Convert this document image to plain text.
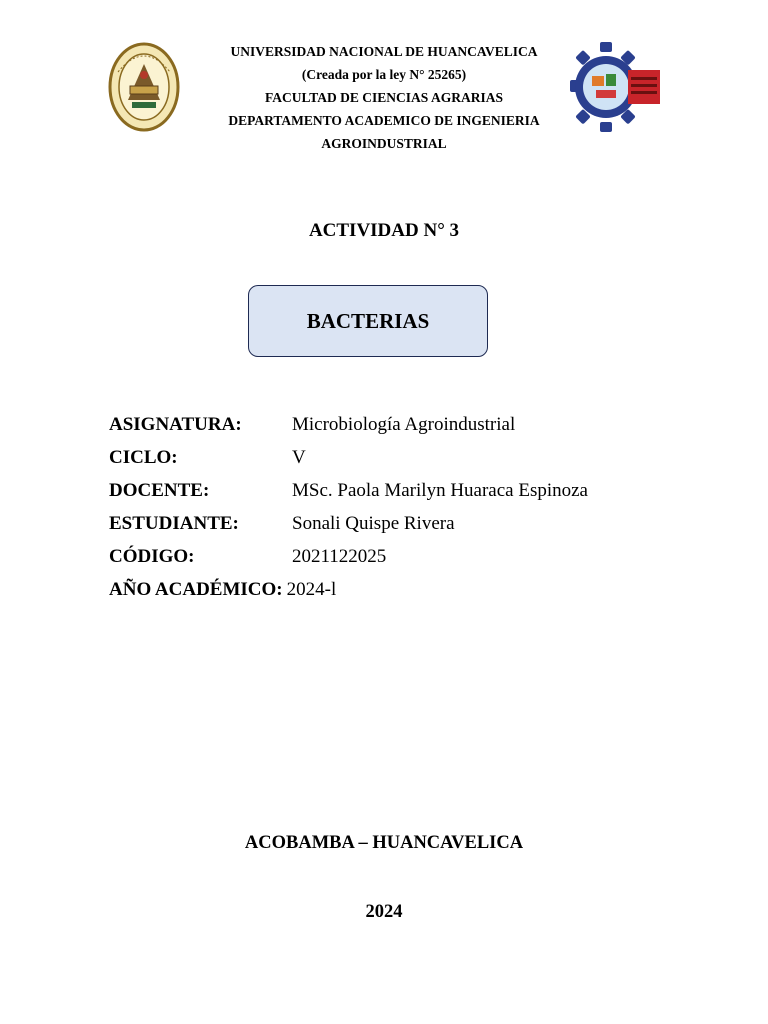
UNIVERSIDAD NACIONAL DE HUANCAVELICA
(Creada por la ley N° 25265)
FACULTAD DE CIENCIAS AGRARIAS
DEPARTAMENTO ACADEMICO DE INGENIERIA
AGROINDUSTRIAL
ACTIVIDAD N° 3
BACTERIAS
ASIGNATURA:	Microbiología Agroindustrial
CICLO:	V
DOCENTE:	MSc. Paola Marilyn Huaraca Espinoza
ESTUDIANTE:	Sonali Quispe Rivera
CÓDIGO:	2021122025
AÑO ACADÉMICO: 2024-l
ACOBAMBA – HUANCAVELICA
2024
